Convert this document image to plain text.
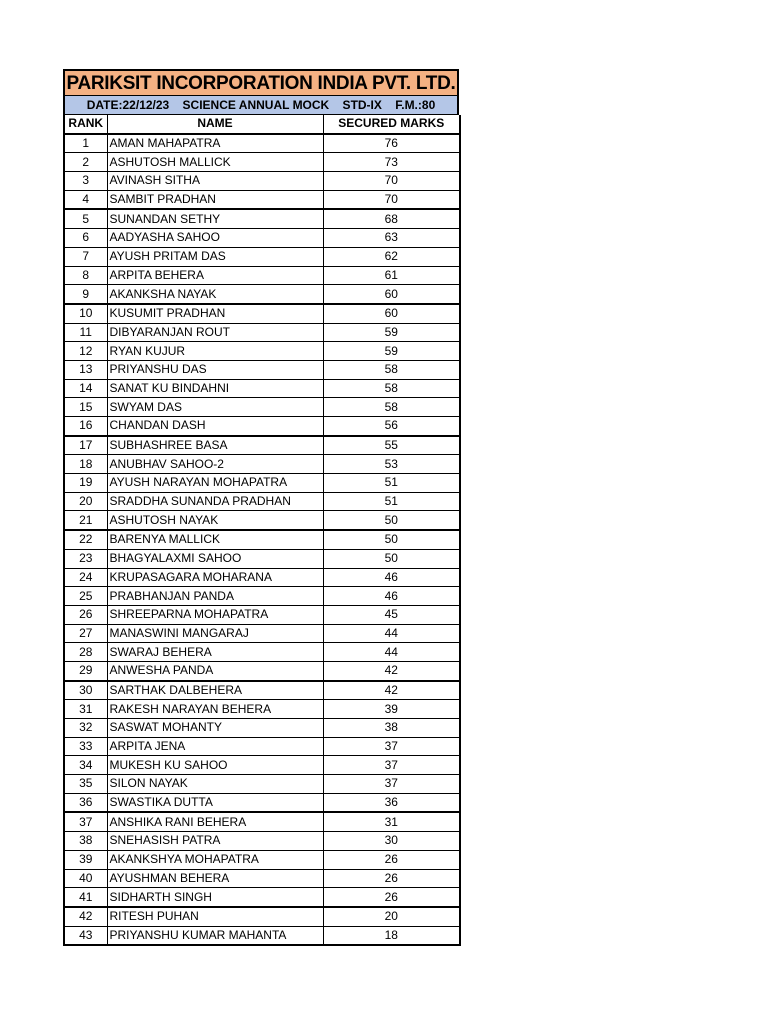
PARIKSIT INCORPORATION INDIA PVT. LTD.
DATE:22/12/23    SCIENCE ANNUAL MOCK    STD-IX    F.M.:80
RANK	NAME	SECURED MARKS
1	AMAN MAHAPATRA	76
2	ASHUTOSH MALLICK	73
3	AVINASH SITHA	70
4	SAMBIT PRADHAN	70
5	SUNANDAN SETHY	68
6	AADYASHA SAHOO	63
7	AYUSH PRITAM DAS	62
8	ARPITA BEHERA	61
9	AKANKSHA NAYAK	60
10	KUSUMIT PRADHAN	60
11	DIBYARANJAN ROUT	59
12	RYAN KUJUR	59
13	PRIYANSHU DAS	58
14	SANAT KU BINDAHNI	58
15	SWYAM DAS	58
16	CHANDAN DASH	56
17	SUBHASHREE BASA	55
18	ANUBHAV SAHOO-2	53
19	AYUSH NARAYAN MOHAPATRA	51
20	SRADDHA SUNANDA PRADHAN	51
21	ASHUTOSH NAYAK	50
22	BARENYA MALLICK	50
23	BHAGYALAXMI SAHOO	50
24	KRUPASAGARA MOHARANA	46
25	PRABHANJAN PANDA	46
26	SHREEPARNA MOHAPATRA	45
27	MANASWINI MANGARAJ	44
28	SWARAJ BEHERA	44
29	ANWESHA PANDA	42
30	SARTHAK DALBEHERA	42
31	RAKESH NARAYAN BEHERA	39
32	SASWAT MOHANTY	38
33	ARPITA JENA	37
34	MUKESH KU SAHOO	37
35	SILON NAYAK	37
36	SWASTIKA DUTTA	36
37	ANSHIKA RANI BEHERA	31
38	SNEHASISH PATRA	30
39	AKANKSHYA MOHAPATRA	26
40	AYUSHMAN BEHERA	26
41	SIDHARTH SINGH	26
42	RITESH PUHAN	20
43	PRIYANSHU KUMAR MAHANTA	18
